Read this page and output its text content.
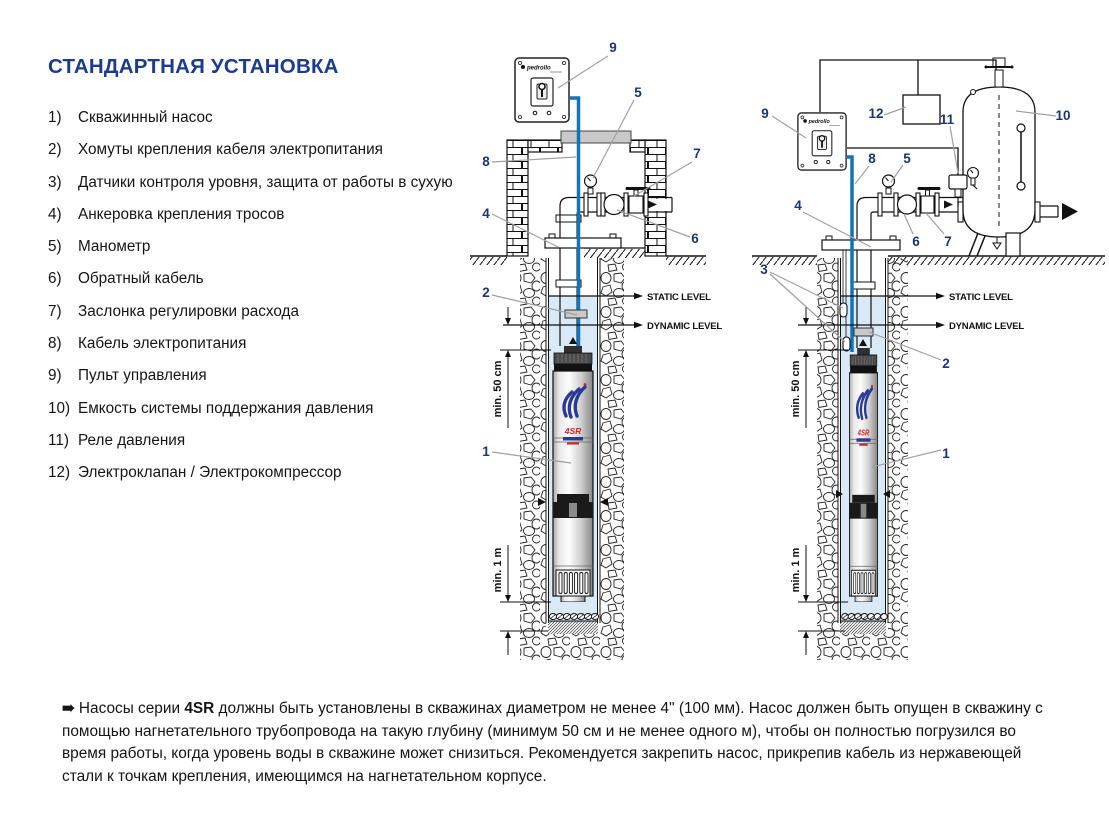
СТАНДАРТНАЯ УСТАНОВКА
1)	Скважинный насос
2)	Хомуты крепления кабеля электропитания
3)	Датчики контроля уровня, защита от работы в сухую
4)	Анкеровка крепления тросов
5)	Манометр
6)	Обратный кабель
7)	Заслонка регулировки расхода
8)	Кабель электропитания
9)	Пульт управления
10) Емкость системы поддержания давления
11) Реле давления
12) Электроклапан / Электрокомпрессор
STATIC LEVEL
DYNAMIC LEVEL
min. 50 cm
min. 1 m
9
5
7
8
4
6
2
1
STATIC LEVEL
DYNAMIC LEVEL
min. 50 cm
min. 1 m
9	12	11	10
8 5
4
6 7
3
2
1

➠ Насосы серии 4SR должны быть установлены в скважинах диаметром не менее 4" (100 мм). Насос должен быть опущен в скважину с помощью нагнетательного трубопровода на такую глубину (минимум 50 см и не менее одного м), чтобы он полностью погрузился во время работы, когда уровень воды в скважине может снизиться. Рекомендуется закрепить насос, прикрепив кабель из нержавеющей стали к точкам крепления, имеющимся на нагнетательном корпусе.
